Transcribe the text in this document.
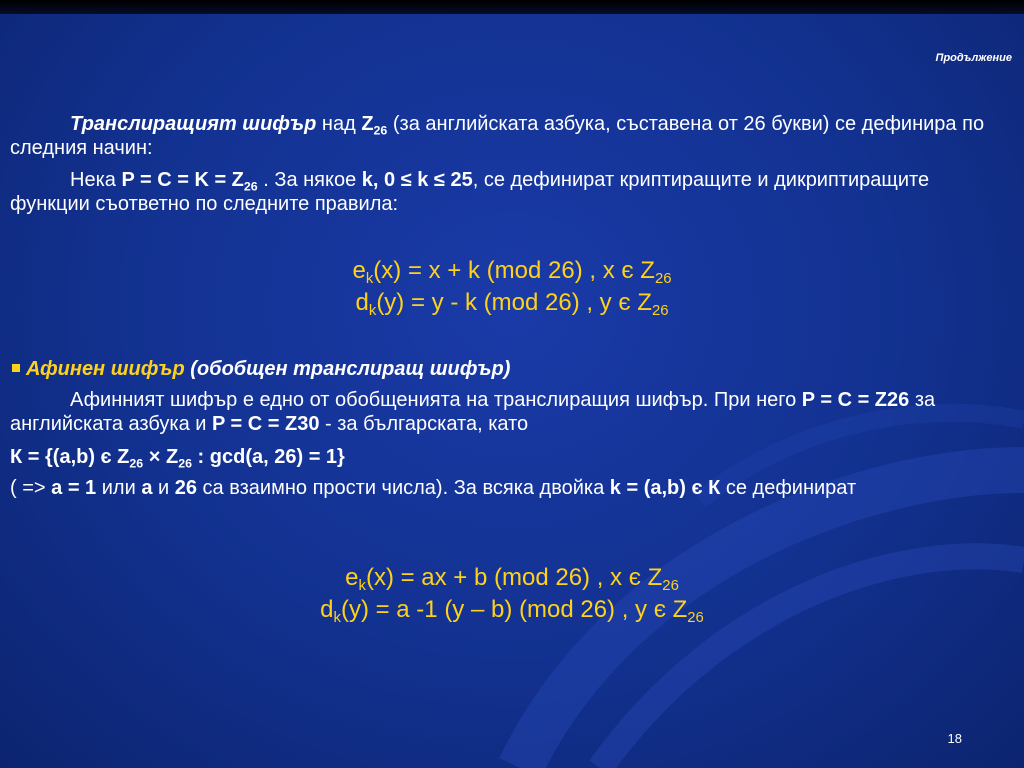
Продължение
Транслиращият шифър над $Z_{26}$ (за английската азбука, съставена от 26 букви) се дефинира по следния начин:
Нека $P = C = K = Z_{26}$ . За някое k, 0 ≤ k ≤ 25, се дефинират криптиращите и дикриптиращите функции съответно по следните правила:
$e_k(x) = x + k$ (mod 26) , x є $Z_{26}$
$d_k(y) = y - k$ (mod 26) , y є $Z_{26}$
Афинен шифър (обобщен транслиращ шифър)
Афинният шифър е едно от обобщенията на транслиращия шифър. При него P = C = Z26 за английската азбука и P = C = Z30 - за българската, като
К = {(a,b) є $Z_{26} \times Z_{26}$ : gcd(a, 26) = 1}
( => a = 1 или a и 26 са взаимно прости числа). За всяка двойка k = (a,b) є К се дефинират
$e_k(x)$ = ax + b (mod 26) , x є $Z_{26}$
$d_k(y) = a$ -1 (y – b) (mod 26) , y є $Z_{26}$
18
